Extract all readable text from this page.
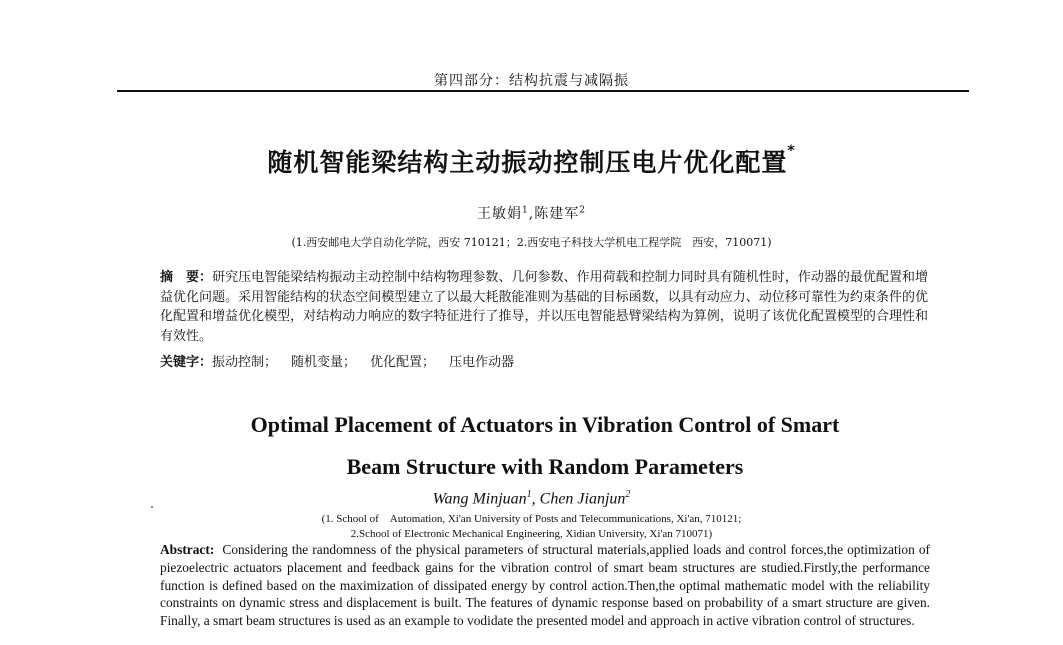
第四部分：结构抗震与减隔振
随机智能梁结构主动振动控制压电片优化配置*
王敏娟$^1$,陈建军$^2$
(1.西安邮电大学自动化学院，西安 710121；2.西安电子科技大学机电工程学院　西安，710071)
摘　要：研究压电智能梁结构振动主动控制中结构物理参数、几何参数、作用荷载和控制力同时具有随机性时，作动器的最优配置和增益优化问题。采用智能结构的状态空间模型建立了以最大耗散能准则为基础的目标函数，以具有动应力、动位移可靠性为约束条件的优化配置和增益优化模型，对结构动力响应的数字特征进行了推导，并以压电智能悬臂梁结构为算例，说明了该优化配置模型的合理性和有效性。
关键字：振动控制； 随机变量； 优化配置； 压电作动器
Optimal Placement of Actuators in Vibration Control of Smart
Beam Structure with Random Parameters
Wang Minjuan$^1$, Chen Jianjun$^2$
(1. School of　Automation, Xi'an University of Posts and Telecommunications, Xi'an, 710121;
2.School of Electronic Mechanical Engineering, Xidian University, Xi'an 710071)
Abstract: Considering the randomness of the physical parameters of structural materials,applied loads and control forces,the optimization of piezoelectric actuators placement and feedback gains for the vibration control of smart beam structures are studied.Firstly,the performance function is defined based on the maximization of dissipated energy by control action.Then,the optimal mathematic model with the reliability constraints on dynamic stress and displacement is built. The features of dynamic response based on probability of a smart structure are given. Finally, a smart beam structures is used as an example to vodidate the presented model and approach in active vibration control of structures.
